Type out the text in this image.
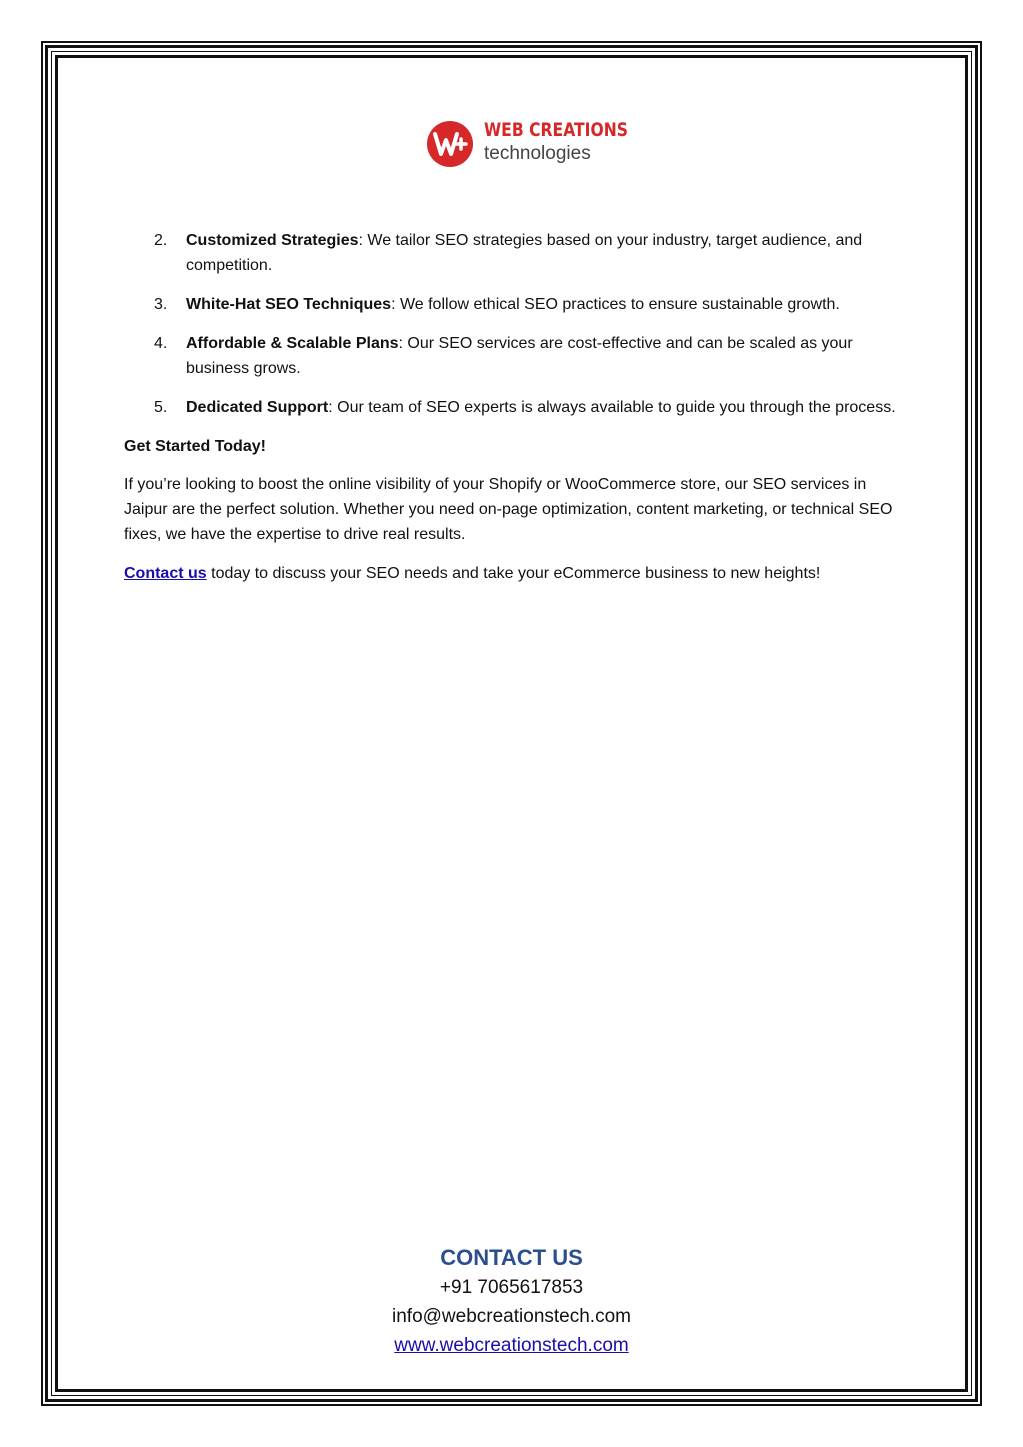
WEB CREATIONS
technologies
2. Customized Strategies: We tailor SEO strategies based on your industry, target audience, and competition.
3. White-Hat SEO Techniques: We follow ethical SEO practices to ensure sustainable growth.
4. Affordable & Scalable Plans: Our SEO services are cost-effective and can be scaled as your business grows.
5. Dedicated Support: Our team of SEO experts is always available to guide you through the process.

Get Started Today!

If you’re looking to boost the online visibility of your Shopify or WooCommerce store, our SEO services in Jaipur are the perfect solution. Whether you need on-page optimization, content marketing, or technical SEO fixes, we have the expertise to drive real results.

Contact us today to discuss your SEO needs and take your eCommerce business to new heights!

CONTACT US
+91 7065617853
info@webcreationstech.com
www.webcreationstech.com
